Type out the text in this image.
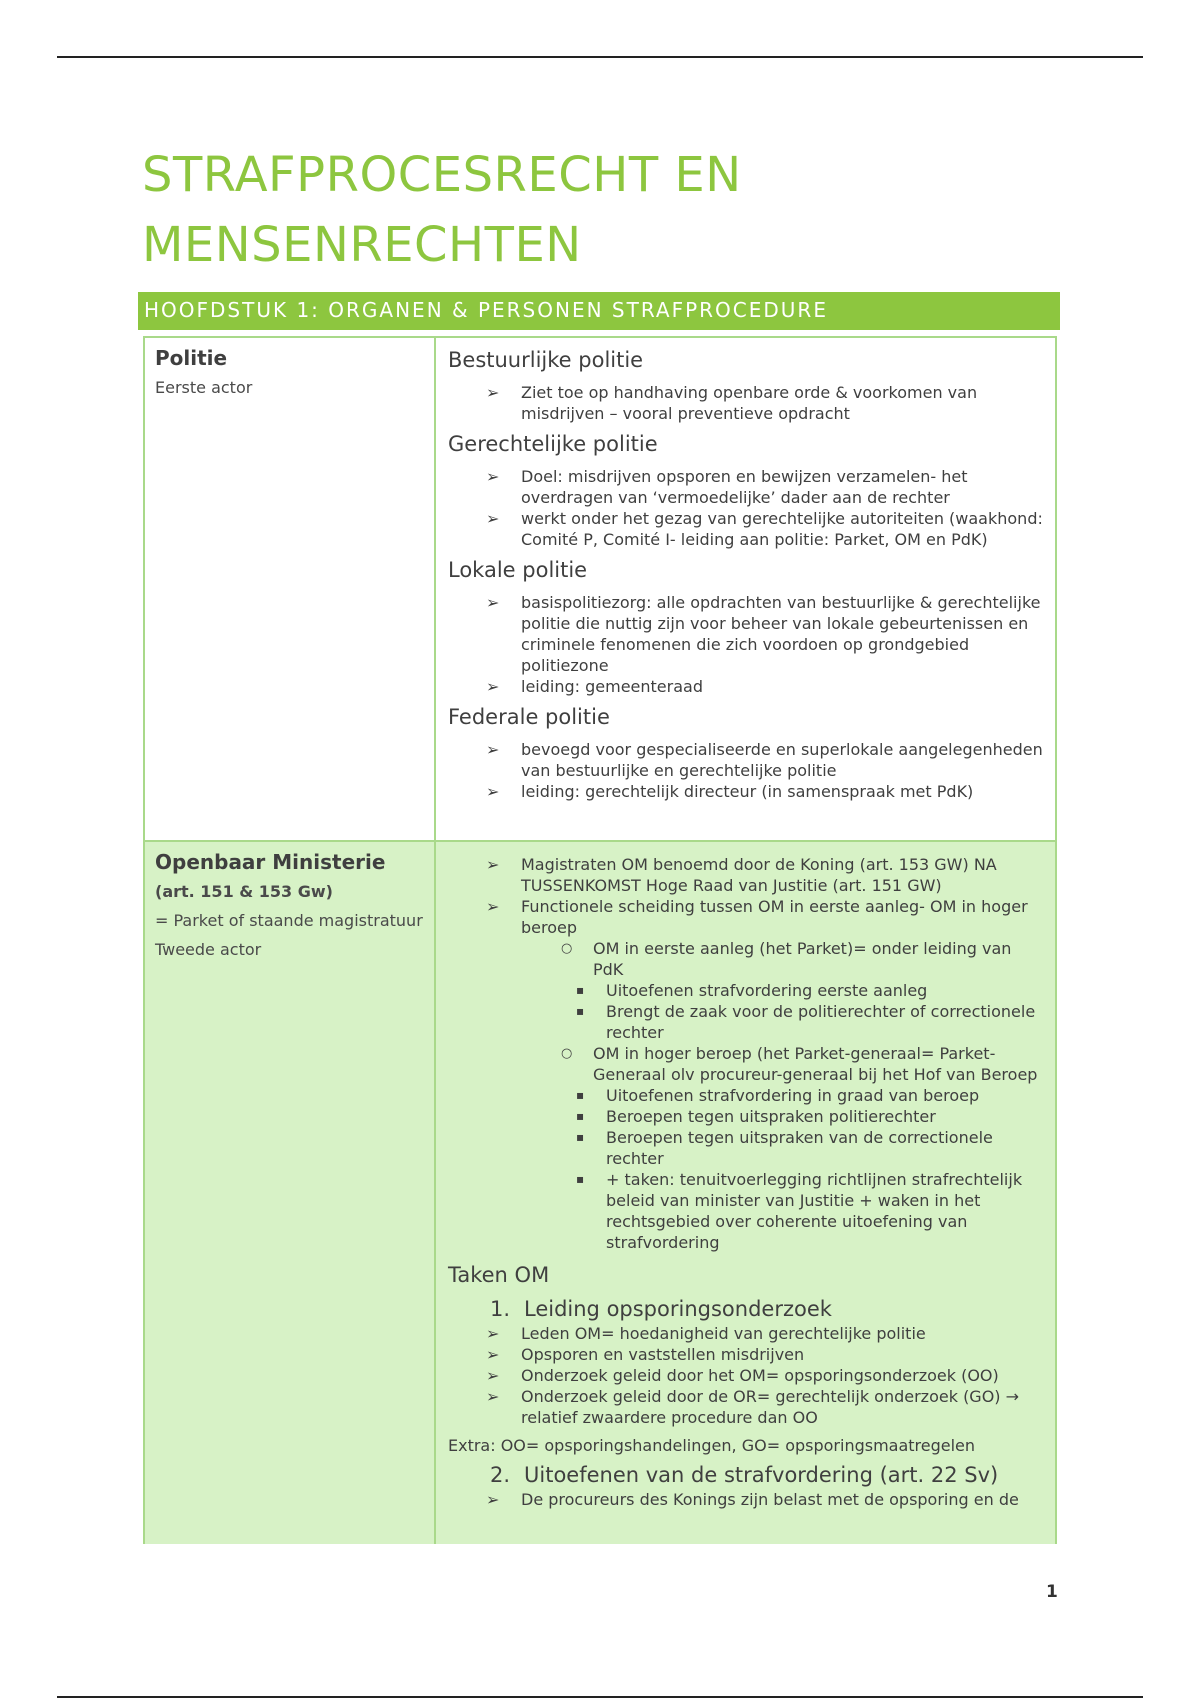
STRAFPROCESRECHT EN
MENSENRECHTEN
HOOFDSTUK 1: ORGANEN & PERSONEN STRAFPROCEDURE

Politie

Eerste actor

Bestuurlijke politie
➢ Ziet toe op handhaving openbare orde & voorkomen van misdrijven – vooral preventieve opdracht
Gerechtelijke politie
➢ Doel: misdrijven opsporen en bewijzen verzamelen- het overdragen van ‘vermoedelijke’ dader aan de rechter
➢ werkt onder het gezag van gerechtelijke autoriteiten (waakhond: Comité P, Comité I- leiding aan politie: Parket, OM en PdK)
Lokale politie
➢ basispolitiezorg: alle opdrachten van bestuurlijke & gerechtelijke politie die nuttig zijn voor beheer van lokale gebeurtenissen en criminele fenomenen die zich voordoen op grondgebied politiezone
➢ leiding: gemeenteraad
Federale politie
➢ bevoegd voor gespecialiseerde en superlokale aangelegenheden van bestuurlijke en gerechtelijke politie
➢ leiding: gerechtelijk directeur (in samenspraak met PdK)

Openbaar Ministerie

(art. 151 & 153 Gw)

= Parket of staande magistratuur

Tweede actor

➢ Magistraten OM benoemd door de Koning (art. 153 GW) NA TUSSENKOMST Hoge Raad van Justitie (art. 151 GW)
➢ Functionele scheiding tussen OM in eerste aanleg- OM in hoger beroep
○ OM in eerste aanleg (het Parket)= onder leiding van PdK
▪ Uitoefenen strafvordering eerste aanleg
▪ Brengt de zaak voor de politierechter of correctionele rechter
○ OM in hoger beroep (het Parket-generaal= Parket-Generaal olv procureur-generaal bij het Hof van Beroep
▪ Uitoefenen strafvordering in graad van beroep
▪ Beroepen tegen uitspraken politierechter
▪ Beroepen tegen uitspraken van de correctionele rechter
▪ + taken: tenuitvoerlegging richtlijnen strafrechtelijk beleid van minister van Justitie + waken in het rechtsgebied over coherente uitoefening van strafvordering
Taken OM
1. Leiding opsporingsonderzoek
➢ Leden OM= hoedanigheid van gerechtelijke politie
➢ Opsporen en vaststellen misdrijven
➢ Onderzoek geleid door het OM= opsporingsonderzoek (OO)
➢ Onderzoek geleid door de OR= gerechtelijk onderzoek (GO) → relatief zwaardere procedure dan OO
Extra: OO= opsporingshandelingen, GO= opsporingsmaatregelen
2. Uitoefenen van de strafvordering (art. 22 Sv)
➢ De procureurs des Konings zijn belast met de opsporing en de
1
